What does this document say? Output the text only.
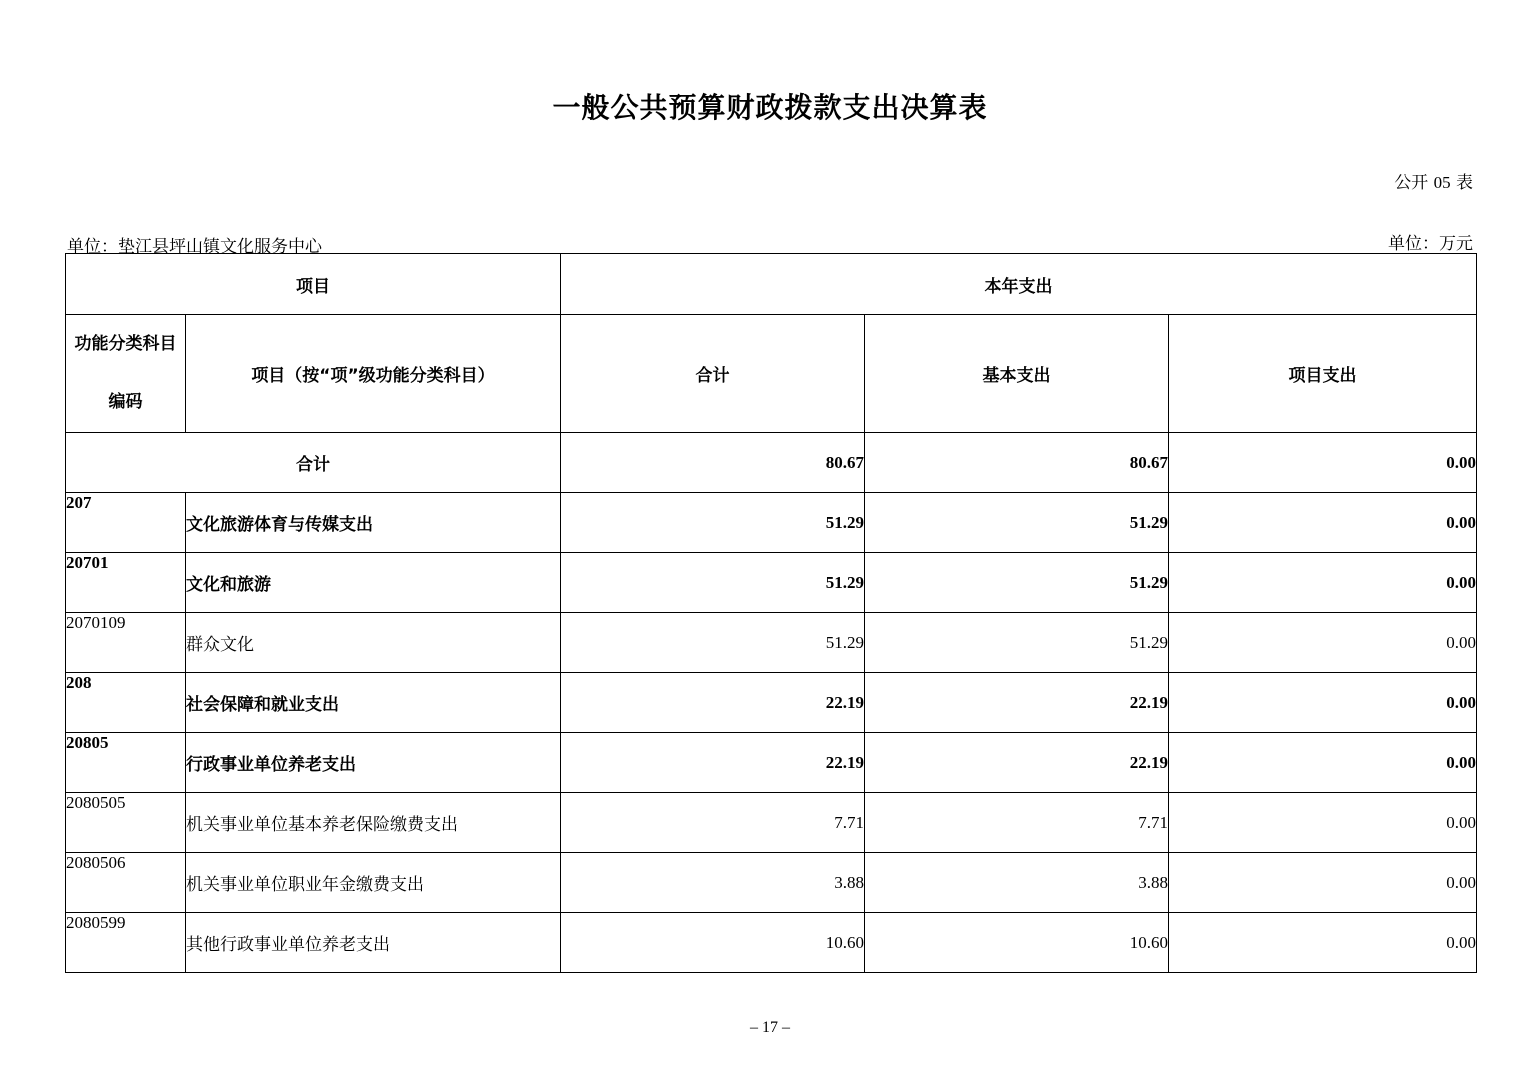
一般公共预算财政拨款支出决算表
公开 05 表
单位：垫江县坪山镇文化服务中心	单位：万元
项目		本年支出		

功能分类科目
编码	项目（按“项”级功能分类科目）	合计	基本支出	项目支出
合计		80.67	80.67	0.00
207	文化旅游体育与传媒支出	51.29	51.29	0.00
20701	文化和旅游	51.29	51.29	0.00
2070109	群众文化	51.29	51.29	0.00
208	社会保障和就业支出	22.19	22.19	0.00
20805	行政事业单位养老支出	22.19	22.19	0.00
2080505	机关事业单位基本养老保险缴费支出	7.71	7.71	0.00
2080506	机关事业单位职业年金缴费支出	3.88	3.88	0.00
2080599	其他行政事业单位养老支出	10.60	10.60	0.00
– 17 –
